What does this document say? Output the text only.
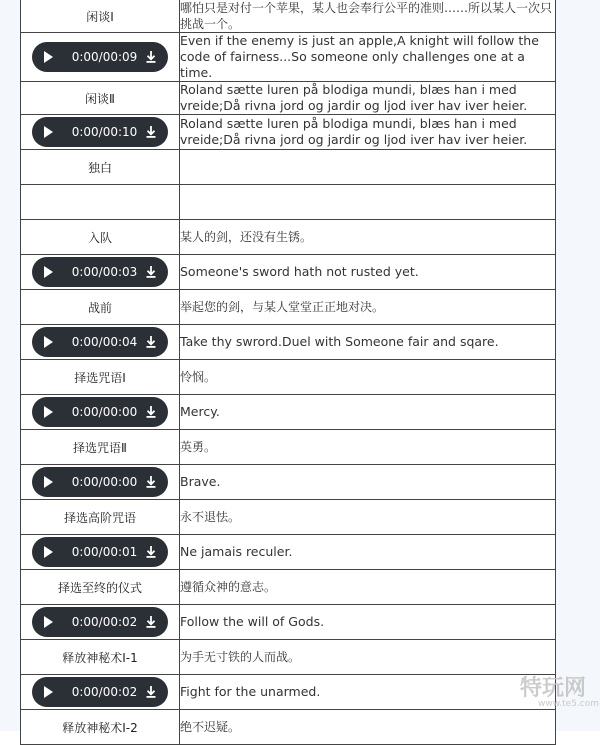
闲谈Ⅰ	哪怕只是对付一个苹果，某人也会奉行公平的准则……所以某人一次只挑战一个。

0:00/00:09	Even if the enemy is just an apple,A knight will follow the code of fairness...So someone only challenges one at a time.
闲谈Ⅱ	Roland sætte luren på blodiga mundi, blæs han i med vreide;Då rivna jord og jardir og ljod iver hav iver heier.

0:00/00:10	Roland sætte luren på blodiga mundi, blæs han i med vreide;Då rivna jord og jardir og ljod iver hav iver heier.
独白	

入队	某人的剑，还没有生锈。

0:00/00:03	Someone's sword hath not rusted yet.
战前	举起您的剑，与某人堂堂正正地对决。

0:00/00:04	Take thy swrord.Duel with Someone fair and sqare.
择选咒语Ⅰ	怜悯。

0:00/00:00	Mercy.
择选咒语Ⅱ	英勇。

0:00/00:00	Brave.
择选高阶咒语	永不退怯。

0:00/00:01	Ne jamais reculer.
择选至终的仪式	遵循众神的意志。

0:00/00:02	Follow the will of Gods.
释放神秘术Ⅰ-1	为手无寸铁的人而战。

0:00/00:02	Fight for the unarmed.
释放神秘术Ⅰ-2	绝不迟疑。
特玩网
www.te5.com
